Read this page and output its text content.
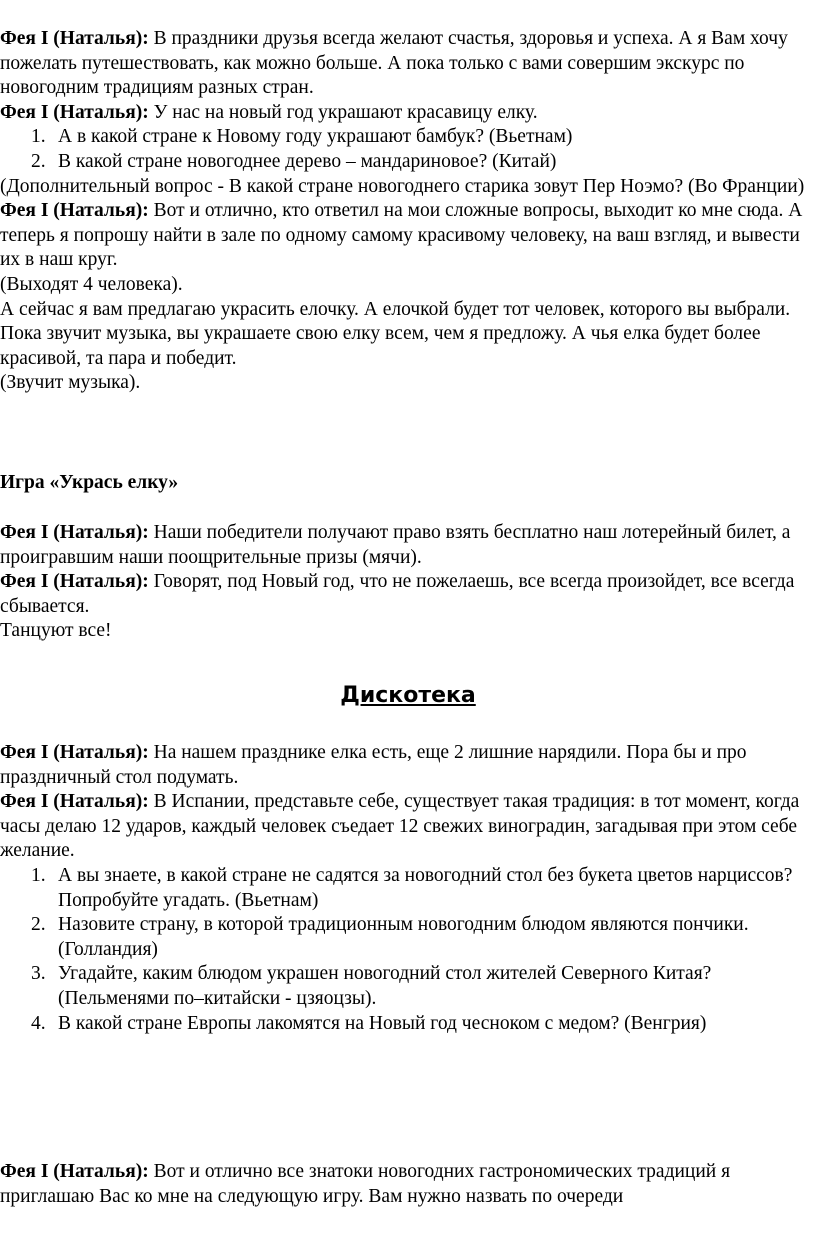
Фея I (Наталья): В праздники друзья всегда желают счастья, здоровья и успеха. А я Вам хочу пожелать путешествовать, как можно больше. А пока только с вами совершим экскурс по новогодним традициям разных стран.

Фея I (Наталья): У нас на новый год украшают красавицу елку.

1. А в какой стране к Новому году украшают бамбук? (Вьетнам)
2. В какой стране новогоднее дерево – мандариновое? (Китай)

(Дополнительный вопрос - В какой стране новогоднего старика зовут Пер Ноэмо? (Во Франции)

Фея I (Наталья): Вот и отлично, кто ответил на мои сложные вопросы, выходит ко мне сюда. А теперь я попрошу найти в зале по одному самому красивому человеку, на ваш взгляд, и вывести их в наш круг.

(Выходят 4 человека).

А сейчас я вам предлагаю украсить елочку. А елочкой будет тот человек, которого вы выбрали. Пока звучит музыка, вы украшаете свою елку всем, чем я предложу. А чья елка будет более красивой, та пара и победит.

(Звучит музыка).

Игра «Укрась елку»

Фея I (Наталья): Наши победители получают право взять бесплатно наш лотерейный билет, а проигравшим наши поощрительные призы (мячи).

Фея I (Наталья): Говорят, под Новый год, что не пожелаешь, все всегда произойдет, все всегда сбывается.

Танцуют все!

Дискотека

Фея I (Наталья): На нашем празднике елка есть, еще 2 лишние нарядили. Пора бы и про праздничный стол подумать.

Фея I (Наталья): В Испании, представьте себе, существует такая традиция: в тот момент, когда часы делаю 12 ударов, каждый человек съедает 12 свежих виноградин, загадывая при этом себе желание.

1. А вы знаете, в какой стране не садятся за новогодний стол без букета цветов нарциссов? Попробуйте угадать. (Вьетнам)
2. Назовите страну, в которой традиционным новогодним блюдом являются пончики. (Голландия)
3. Угадайте, каким блюдом украшен новогодний стол жителей Северного Китая? (Пельменями по–китайски - цзяоцзы).
4. В какой стране Европы лакомятся на Новый год чесноком с медом? (Венгрия)

Фея I (Наталья): Вот и отлично все знатоки новогодних гастрономических традиций я приглашаю Вас ко мне на следующую игру. Вам нужно назвать по очереди
